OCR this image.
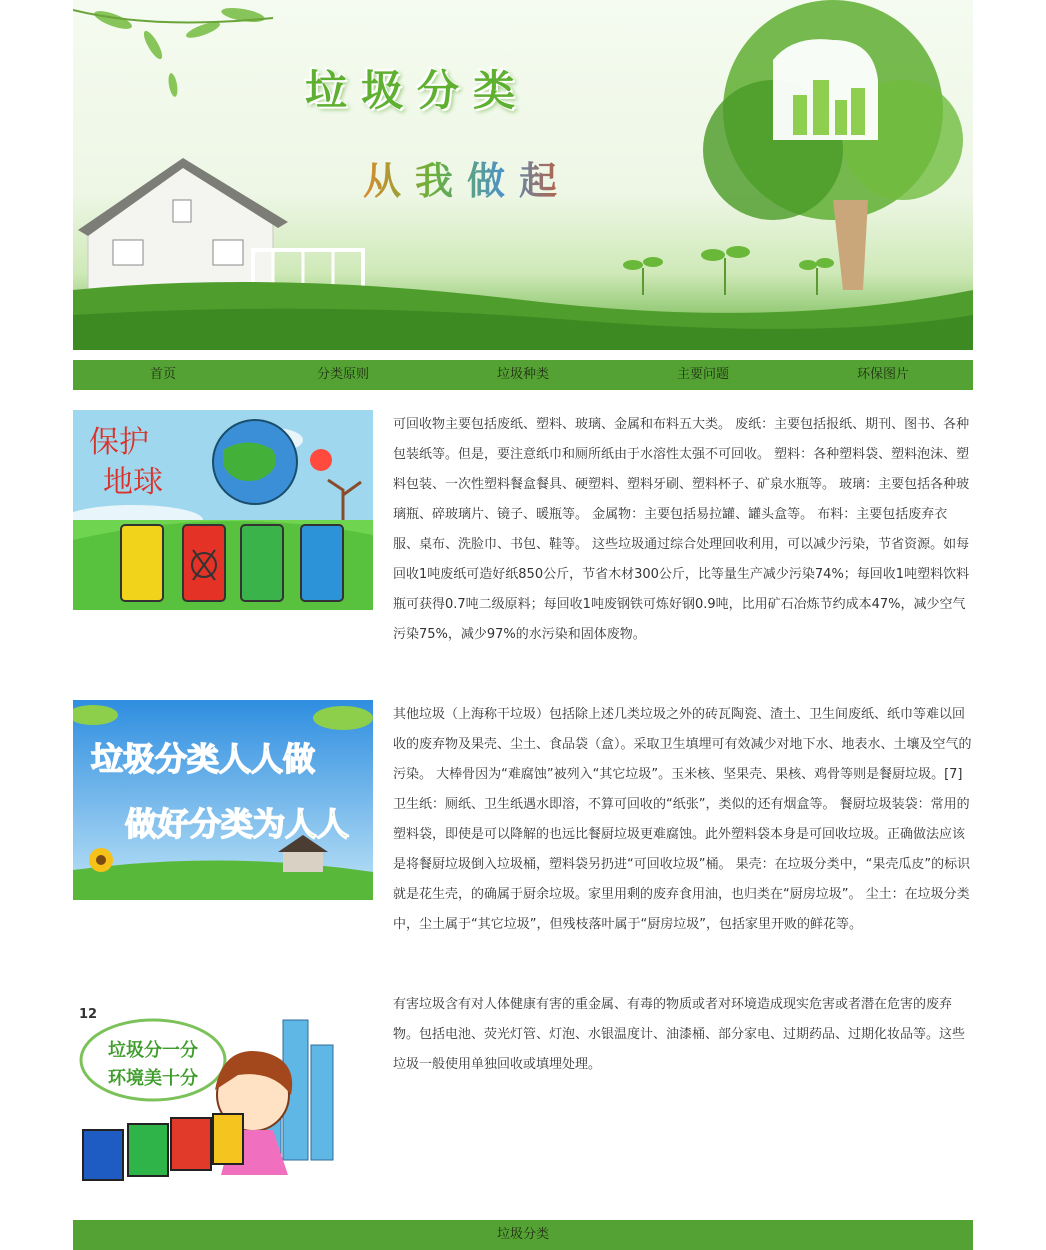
垃圾分类
从我做起
首页	分类原则	垃圾种类	主要问题	环保图片
保护
地球

可回收物主要包括废纸、塑料、玻璃、金属和布料五大类。 废纸：主要包括报纸、期刊、图书、各种包装纸等。但是，要注意纸巾和厕所纸由于水溶性太强不可回收。 塑料：各种塑料袋、塑料泡沫、塑料包装、一次性塑料餐盒餐具、硬塑料、塑料牙刷、塑料杯子、矿泉水瓶等。 玻璃：主要包括各种玻璃瓶、碎玻璃片、镜子、暖瓶等。 金属物：主要包括易拉罐、罐头盒等。 布料：主要包括废弃衣服、桌布、洗脸巾、书包、鞋等。 这些垃圾通过综合处理回收利用，可以减少污染，节省资源。如每回收1吨废纸可造好纸850公斤，节省木材300公斤，比等量生产减少污染74%；每回收1吨塑料饮料瓶可获得0.7吨二级原料；每回收1吨废钢铁可炼好钢0.9吨，比用矿石冶炼节约成本47%，减少空气污染75%，减少97%的水污染和固体废物。

垃圾分类人人做
做好分类为人人

其他垃圾（上海称干垃圾）包括除上述几类垃圾之外的砖瓦陶瓷、渣土、卫生间废纸、纸巾等难以回收的废弃物及果壳、尘土、食品袋（盒）。采取卫生填埋可有效减少对地下水、地表水、土壤及空气的污染。 大棒骨因为“难腐蚀”被列入“其它垃圾”。玉米核、坚果壳、果核、鸡骨等则是餐厨垃圾。[7] 卫生纸：厕纸、卫生纸遇水即溶，不算可回收的“纸张”，类似的还有烟盒等。 餐厨垃圾装袋：常用的塑料袋，即使是可以降解的也远比餐厨垃圾更难腐蚀。此外塑料袋本身是可回收垃圾。正确做法应该是将餐厨垃圾倒入垃圾桶，塑料袋另扔进“可回收垃圾”桶。 果壳：在垃圾分类中，“果壳瓜皮”的标识就是花生壳，的确属于厨余垃圾。家里用剩的废弃食用油，也归类在“厨房垃圾”。 尘土：在垃圾分类中，尘土属于“其它垃圾”，但残枝落叶属于“厨房垃圾”，包括家里开败的鲜花等。

垃圾分一分
环境美十分
12

有害垃圾含有对人体健康有害的重金属、有毒的物质或者对环境造成现实危害或者潜在危害的废弃物。包括电池、荧光灯管、灯泡、水银温度计、油漆桶、部分家电、过期药品、过期化妆品等。这些垃圾一般使用单独回收或填埋处理。

垃圾分类
